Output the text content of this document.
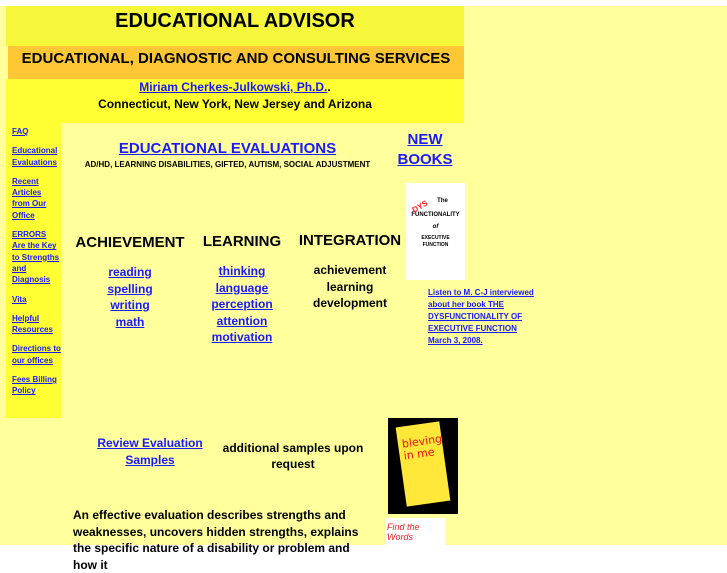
EDUCATIONAL ADVISOR
EDUCATIONAL, DIAGNOSTIC AND CONSULTING SERVICES
Miriam Cherkes-Julkowski, Ph.D..
Connecticut, New York, New Jersey and Arizona
FAQ
Educational Evaluations
Recent Articles from Our Office
ERRORS Are the Key to Strengths and Diagnosis
Vita
Helpful Resources
Directions to our offices
Fees Billing Policy
EDUCATIONAL EVALUATIONS
AD/HD, LEARNING DISABILITIES, GIFTED, AUTISM, SOCIAL ADJUSTMENT
ACHIEVEMENT
reading
spelling
writing
math
LEARNING
thinking
language
perception
attention
motivation
INTEGRATION
achievement
learning
development
NEW BOOKS
The
DYS
FUNCTIONALITY
of
EXECUTIVE FUNCTION
Listen to M. C-J interviewed about her book THE DYSFUNCTIONALITY OF EXECUTIVE FUNCTION March 3, 2008.
Review Evaluation Samples
additional samples upon request
bleving in me
Find the Words
An effective evaluation describes strengths and weaknesses, uncovers hidden strengths, explains the specific nature of a disability or problem and how it
